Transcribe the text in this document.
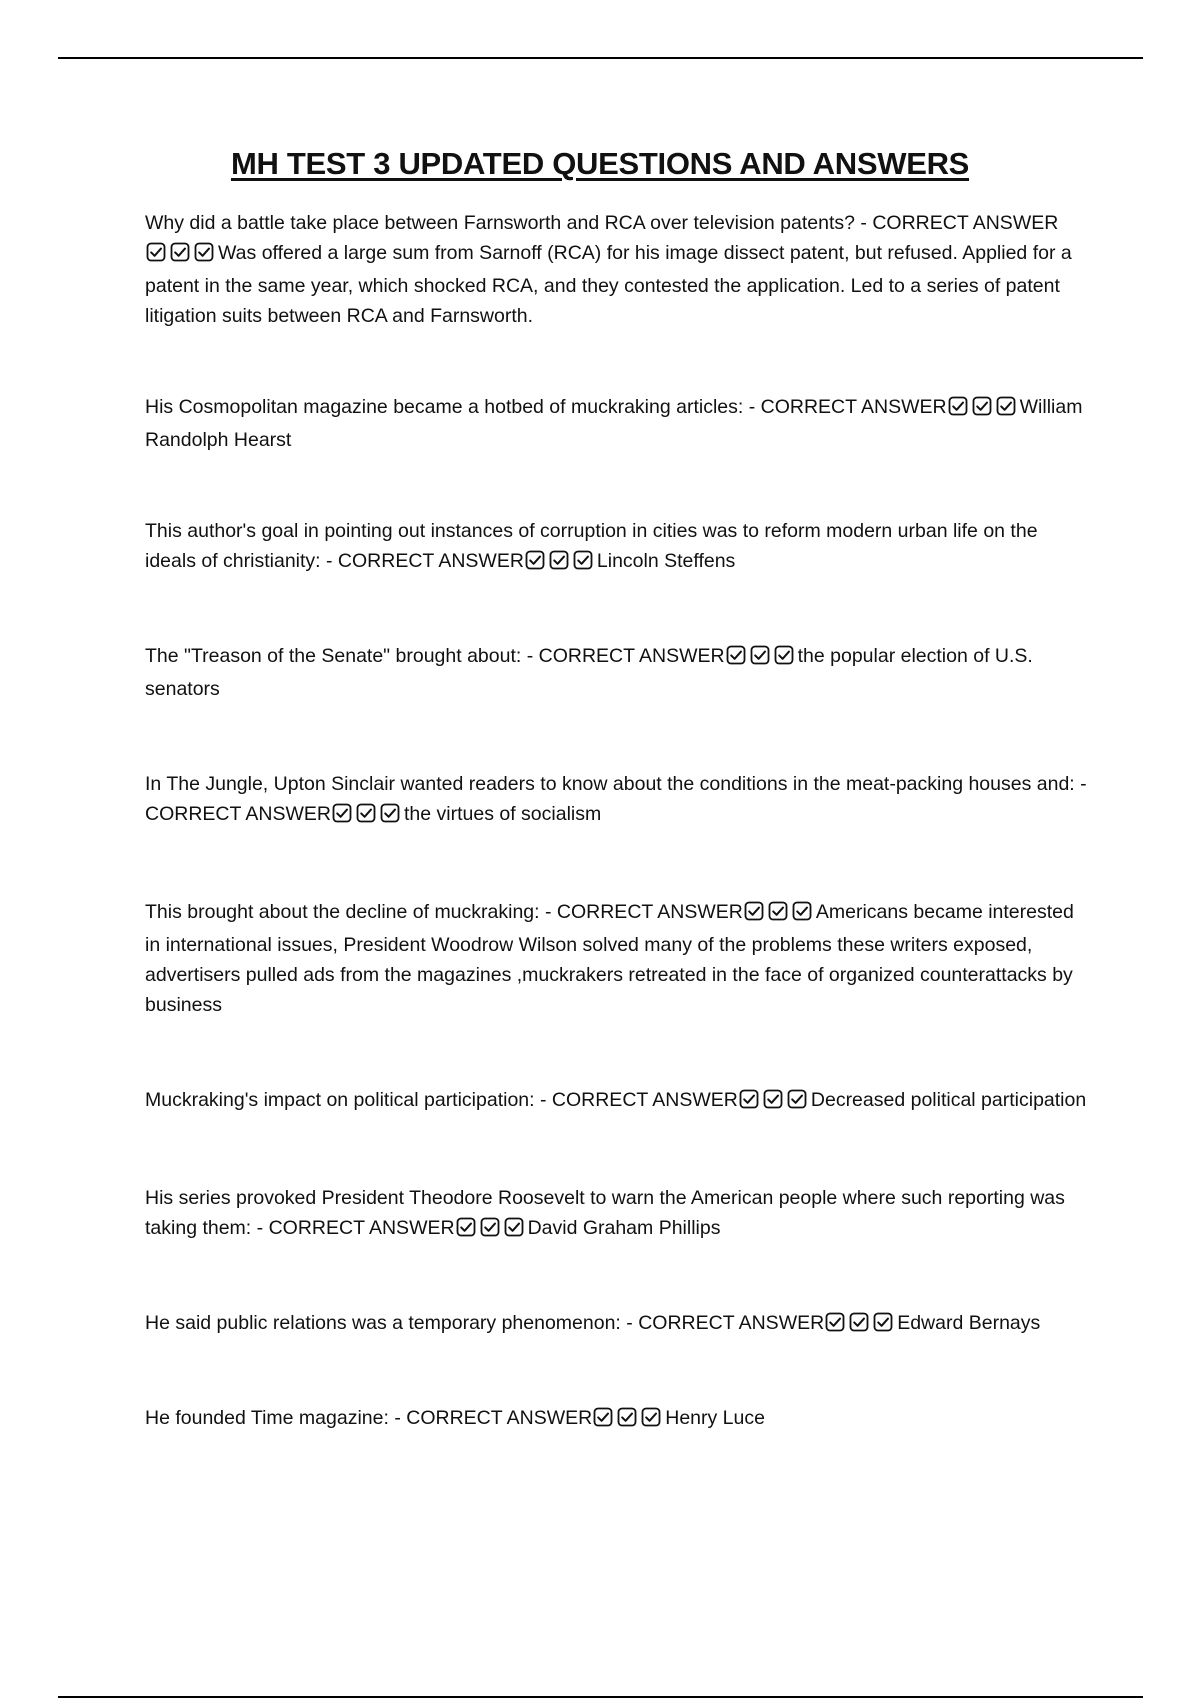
MH TEST 3 UPDATED QUESTIONS AND ANSWERS

Why did a battle take place between Farnsworth and RCA over television patents? - CORRECT ANSWER
Was offered a large sum from Sarnoff (RCA) for his image dissect patent, but refused. Applied for a patent in the same year, which shocked RCA, and they contested the application. Led to a series of patent litigation suits between RCA and Farnsworth.

His Cosmopolitan magazine became a hotbed of muckraking articles: - CORRECT ANSWER	William Randolph Hearst

This author's goal in pointing out instances of corruption in cities was to reform modern urban life on the ideals of christianity: - CORRECT ANSWER	Lincoln Steffens

The "Treason of the Senate" brought about: - CORRECT ANSWER	the popular election of U.S. senators

In The Jungle, Upton Sinclair wanted readers to know about the conditions in the meat-packing houses and: - CORRECT ANSWER	the virtues of socialism

This brought about the decline of muckraking: - CORRECT ANSWER	Americans became interested in international issues, President Woodrow Wilson solved many of the problems these writers exposed, advertisers pulled ads from the magazines ,muckrakers retreated in the face of organized counterattacks by business

Muckraking's impact on political participation: - CORRECT ANSWER	Decreased political participation

His series provoked President Theodore Roosevelt to warn the American people where such reporting was taking them: - CORRECT ANSWER	David Graham Phillips

He said public relations was a temporary phenomenon: - CORRECT ANSWER	Edward Bernays

He founded Time magazine: - CORRECT ANSWER	Henry Luce
